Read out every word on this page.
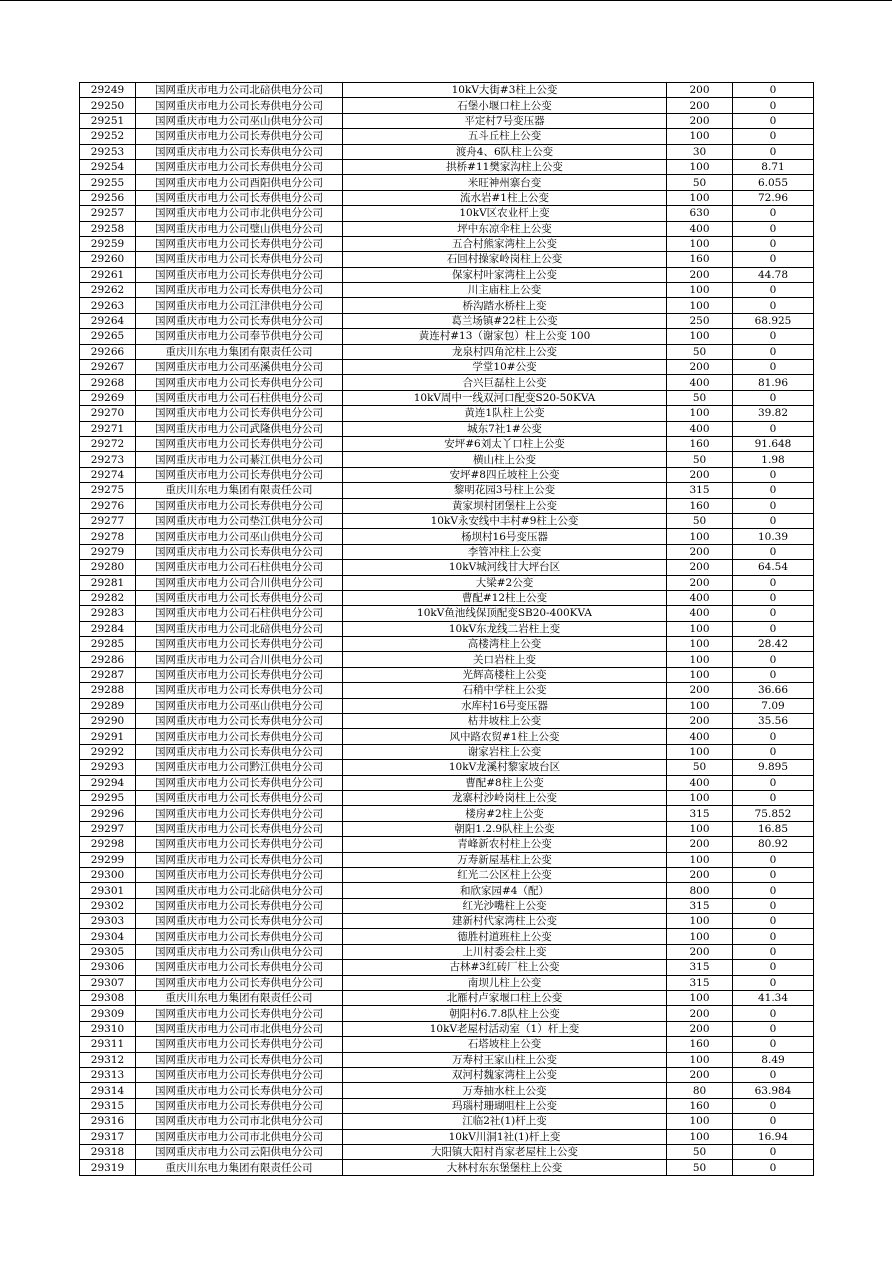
29249	国网重庆市电力公司北碚供电分公司	10kV大街#3柱上公变	200	0
29250	国网重庆市电力公司长寿供电分公司	石堡小堰口柱上公变	200	0
29251	国网重庆市电力公司巫山供电分公司	平定村7号变压器	200	0
29252	国网重庆市电力公司长寿供电分公司	五斗丘柱上公变	100	0
29253	国网重庆市电力公司长寿供电分公司	渡舟4、6队柱上公变	30	0
29254	国网重庆市电力公司长寿供电分公司	拱桥#11樊家沟柱上公变	100	8.71
29255	国网重庆市电力公司酉阳供电分公司	米旺神州寨台变	50	6.055
29256	国网重庆市电力公司长寿供电分公司	流水岩#1柱上公变	100	72.96
29257	国网重庆市电力公司市北供电分公司	10kV区农业杆上变	630	0
29258	国网重庆市电力公司璧山供电分公司	坪中东凉伞柱上公变	400	0
29259	国网重庆市电力公司长寿供电分公司	五合村熊家湾柱上公变	100	0
29260	国网重庆市电力公司长寿供电分公司	石回村操家岭岗柱上公变	160	0
29261	国网重庆市电力公司长寿供电分公司	保家村叶家湾柱上公变	200	44.78
29262	国网重庆市电力公司长寿供电分公司	川主庙柱上公变	100	0
29263	国网重庆市电力公司江津供电分公司	桥沟踏水桥柱上变	100	0
29264	国网重庆市电力公司长寿供电分公司	葛兰场镇#22柱上公变	250	68.925
29265	国网重庆市电力公司奉节供电分公司	黄连村#13（谢家包）柱上公变 100	100	0
29266	重庆川东电力集团有限责任公司	龙泉村四角沱柱上公变	50	0
29267	国网重庆市电力公司巫溪供电分公司	学堂10#公变	200	0
29268	国网重庆市电力公司长寿供电分公司	合兴巨磊柱上公变	400	81.96
29269	国网重庆市电力公司石柱供电分公司	10kV周中一线双河口配变S20-50KVA	50	0
29270	国网重庆市电力公司长寿供电分公司	黄连1队柱上公变	100	39.82
29271	国网重庆市电力公司武隆供电分公司	城东7社1#公变	400	0
29272	国网重庆市电力公司长寿供电分公司	安坪#6刘太丫口柱上公变	160	91.648
29273	国网重庆市电力公司綦江供电分公司	横山柱上公变	50	1.98
29274	国网重庆市电力公司长寿供电分公司	安坪#8四丘坡柱上公变	200	0
29275	重庆川东电力集团有限责任公司	黎明花园3号柱上公变	315	0
29276	国网重庆市电力公司长寿供电分公司	黄家坝村团堡柱上公变	160	0
29277	国网重庆市电力公司垫江供电分公司	10kV永安线中丰村#9柱上公变	50	0
29278	国网重庆市电力公司巫山供电分公司	杨坝村16号变压器	100	10.39
29279	国网重庆市电力公司长寿供电分公司	李管冲柱上公变	200	0
29280	国网重庆市电力公司石柱供电分公司	10kV城河线甘大坪台区	200	64.54
29281	国网重庆市电力公司合川供电分公司	大梁#2公变	200	0
29282	国网重庆市电力公司长寿供电分公司	曹配#12柱上公变	400	0
29283	国网重庆市电力公司石柱供电分公司	10kV鱼池线保顶配变SB20-400KVA	400	0
29284	国网重庆市电力公司北碚供电分公司	10kV东龙线二岩柱上变	100	0
29285	国网重庆市电力公司长寿供电分公司	高楼湾柱上公变	100	28.42
29286	国网重庆市电力公司合川供电分公司	关口岩柱上变	100	0
29287	国网重庆市电力公司长寿供电分公司	光辉高楼柱上公变	100	0
29288	国网重庆市电力公司长寿供电分公司	石稍中学柱上公变	200	36.66
29289	国网重庆市电力公司巫山供电分公司	水库村16号变压器	100	7.09
29290	国网重庆市电力公司长寿供电分公司	枯井坡柱上公变	200	35.56
29291	国网重庆市电力公司长寿供电分公司	风中路农贸#1柱上公变	400	0
29292	国网重庆市电力公司长寿供电分公司	谢家岩柱上公变	100	0
29293	国网重庆市电力公司黔江供电分公司	10kV龙溪村黎家坡台区	50	9.895
29294	国网重庆市电力公司长寿供电分公司	曹配#8柱上公变	400	0
29295	国网重庆市电力公司长寿供电分公司	龙寨村沙岭岗柱上公变	100	0
29296	国网重庆市电力公司长寿供电分公司	楼房#2柱上公变	315	75.852
29297	国网重庆市电力公司长寿供电分公司	朝阳1.2.9队柱上公变	100	16.85
29298	国网重庆市电力公司长寿供电分公司	青峰新农村柱上公变	200	80.92
29299	国网重庆市电力公司长寿供电分公司	万寿新屋基柱上公变	100	0
29300	国网重庆市电力公司长寿供电分公司	红光二公区柱上公变	200	0
29301	国网重庆市电力公司北碚供电分公司	和欣家园#4（配）	800	0
29302	国网重庆市电力公司长寿供电分公司	红光沙嘴柱上公变	315	0
29303	国网重庆市电力公司长寿供电分公司	建新村代家湾柱上公变	100	0
29304	国网重庆市电力公司长寿供电分公司	德胜村道班柱上公变	100	0
29305	国网重庆市电力公司秀山供电分公司	上川村委会柱上变	200	0
29306	国网重庆市电力公司长寿供电分公司	古林#3红砖厂柱上公变	315	0
29307	国网重庆市电力公司长寿供电分公司	南坝儿柱上公变	315	0
29308	重庆川东电力集团有限责任公司	北雁村卢家堰口柱上公变	100	41.34
29309	国网重庆市电力公司长寿供电分公司	朝阳村6.7.8队柱上公变	200	0
29310	国网重庆市电力公司市北供电分公司	10kV老屋村活动室（1）杆上变	200	0
29311	国网重庆市电力公司长寿供电分公司	石塔坡柱上公变	160	0
29312	国网重庆市电力公司长寿供电分公司	万寿村王家山柱上公变	100	8.49
29313	国网重庆市电力公司长寿供电分公司	双河村魏家湾柱上公变	200	0
29314	国网重庆市电力公司长寿供电分公司	万寿抽水柱上公变	80	63.984
29315	国网重庆市电力公司长寿供电分公司	玛瑙村珊瑚咀柱上公变	160	0
29316	国网重庆市电力公司市北供电分公司	江临2社(1)杆上变	100	0
29317	国网重庆市电力公司市北供电分公司	10kV川洞1社(1)杆上变	100	16.94
29318	国网重庆市电力公司云阳供电分公司	大阳镇大阳村肖家老屋柱上公变	50	0
29319	重庆川东电力集团有限责任公司	大林村东东堡堡柱上公变	50	0
